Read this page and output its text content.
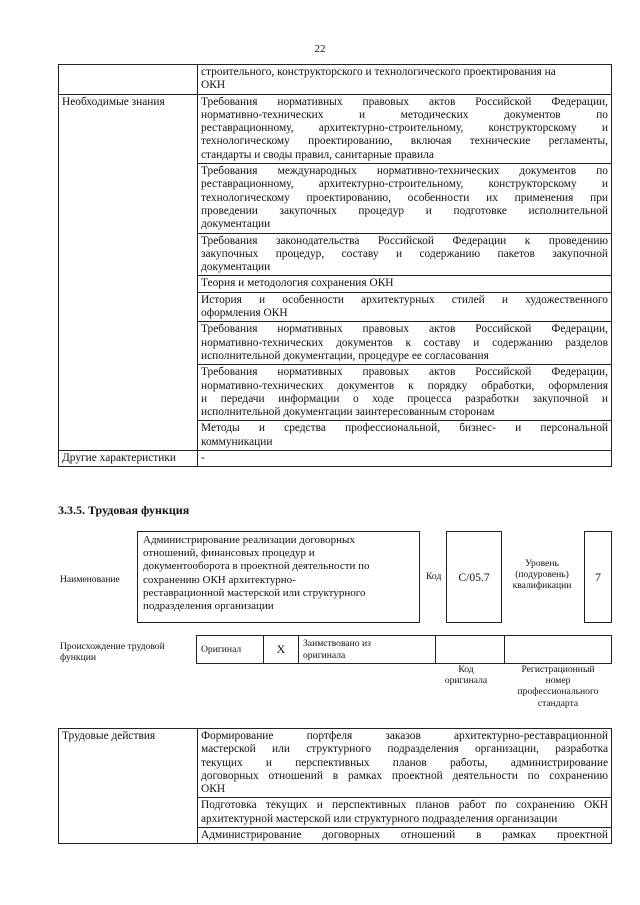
22

	строительного, конструкторского и технологического проектирования на
ОКН

Необходимые знания	Требования нормативных правовых актов Российской Федерации,
нормативно-технических и методических документов по
реставрационному, архитектурно-строительному, конструкторскому и
технологическому проектированию, включая технические регламенты,
стандарты и своды правил, санитарные правила

	Требования международных нормативно-технических документов по
реставрационному, архитектурно-строительному, конструкторскому и
технологическому проектированию, особенности их применения при
проведении закупочных процедур и подготовке исполнительной
документации

	Требования законодательства Российской Федерации к проведению
закупочных процедур, составу и содержанию пакетов закупочной
документации

	Теория и методология сохранения ОКН

	История и особенности архитектурных стилей и художественного
оформления ОКН

	Требования нормативных правовых актов Российской Федерации,
нормативно-технических документов к составу и содержанию разделов
исполнительной документации, процедуре ее согласования

	Требования нормативных правовых актов Российской Федерации,
нормативно-технических документов к порядку обработки, оформления
и передачи информации о ходе процесса разработки закупочной и
исполнительной документации заинтересованным сторонам

	Методы и средства профессиональной, бизнес- и персональной
коммуникации

Другие характеристики	-
3.3.5. Трудовая функция
Наименование
Администрирование реализации договорных
отношений, финансовых процедур и
документооборота в проектной деятельности по
сохранению ОКН архитектурно-
реставрационной мастерской или структурного
подразделения организации
Код	C/05.7
Уровень
(подуровень)
квалификации
7
Происхождение трудовой
функции
Оригинал	X	Заимствовано из
оригинала

Код
оригинала
Регистрационный
номер
профессионального
стандарта
Трудовые действия	Формирование портфеля заказов архитектурно-реставрационной
мастерской или структурного подразделения организации, разработка
текущих и перспективных планов работы, администрирование
договорных отношений в рамках проектной деятельности по сохранению
ОКН

Подготовка текущих и перспективных планов работ по сохранению ОКН
архитектурной мастерской или структурного подразделения организации

Администрирование договорных отношений в рамках проектной
